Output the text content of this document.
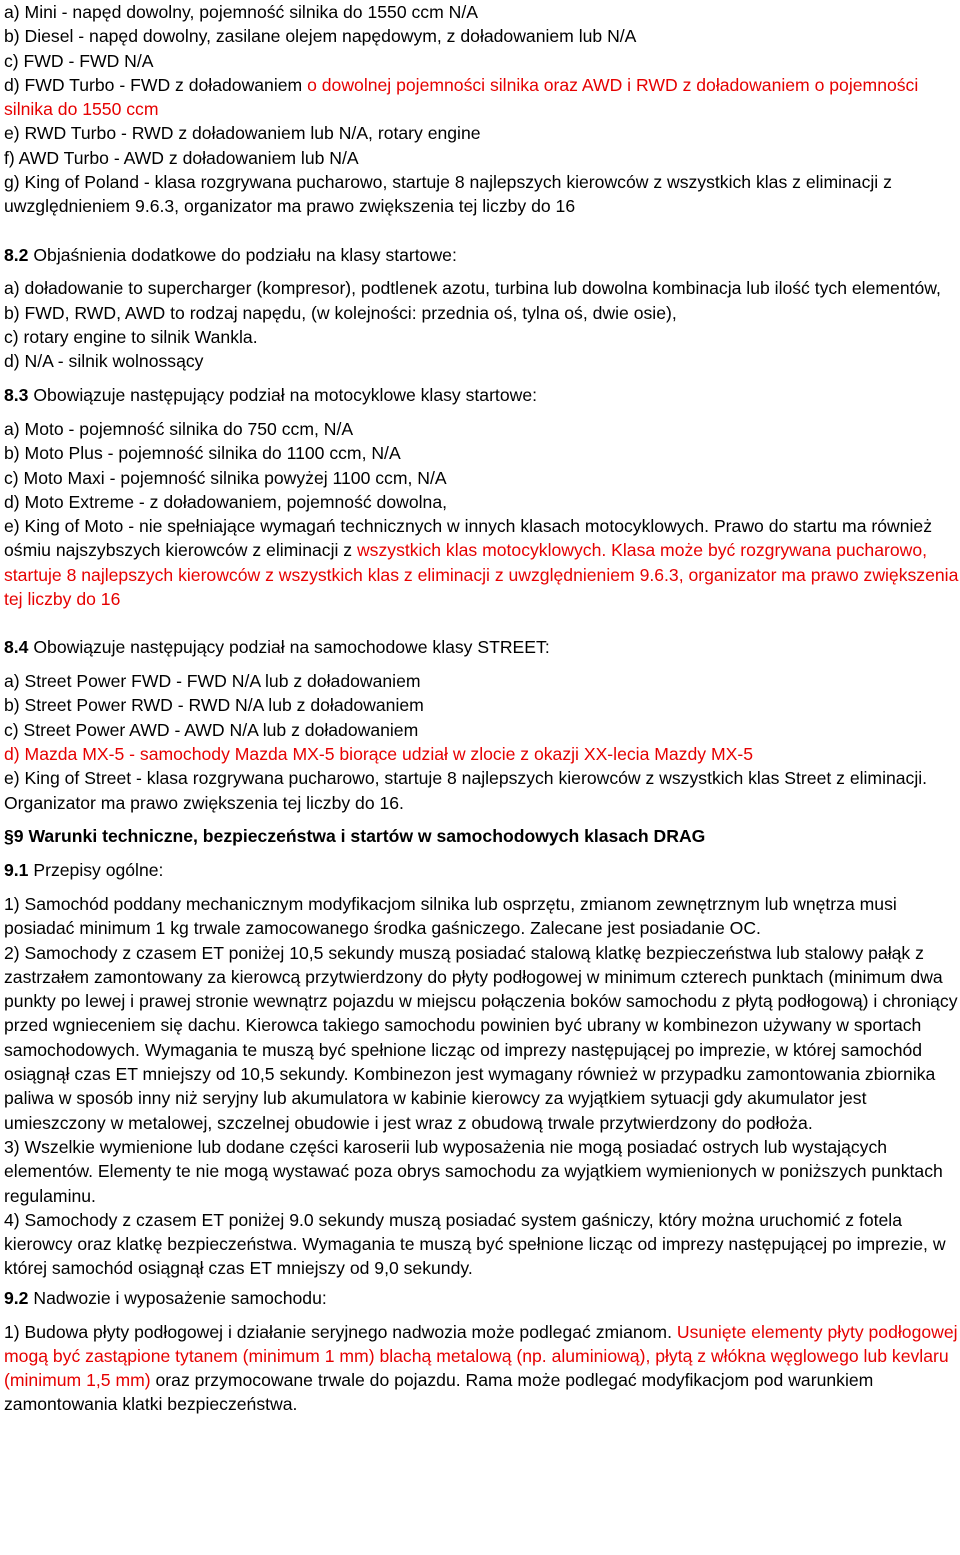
a) Mini - napęd dowolny, pojemność silnika do 1550 ccm N/A

b) Diesel - napęd dowolny, zasilane olejem napędowym, z doładowaniem lub N/A

c) FWD - FWD N/A

d) FWD Turbo - FWD z doładowaniem o dowolnej pojemności silnika oraz AWD i RWD z doładowaniem o pojemności silnika do 1550 ccm

e) RWD Turbo - RWD z doładowaniem lub N/A, rotary engine

f) AWD Turbo - AWD z doładowaniem lub N/A

g) King of Poland - klasa rozgrywana pucharowo, startuje 8 najlepszych kierowców z wszystkich klas z eliminacji z uwzględnieniem 9.6.3, organizator ma prawo zwiększenia tej liczby do 16

8.2 Objaśnienia dodatkowe do podziału na klasy startowe:

a) doładowanie to supercharger (kompresor), podtlenek azotu, turbina lub dowolna kombinacja lub ilość tych elementów,

b) FWD, RWD, AWD to rodzaj napędu, (w kolejności: przednia oś, tylna oś, dwie osie),

c) rotary engine to silnik Wankla.

d) N/A - silnik wolnossący

8.3 Obowiązuje następujący podział na motocyklowe klasy startowe:

a) Moto - pojemność silnika do 750 ccm, N/A

b) Moto Plus - pojemność silnika do 1100 ccm, N/A

c) Moto Maxi - pojemność silnika powyżej 1100 ccm, N/A

d) Moto Extreme - z doładowaniem, pojemność dowolna,

e) King of Moto - nie spełniające wymagań technicznych w innych klasach motocyklowych. Prawo do startu ma również ośmiu najszybszych kierowców z eliminacji z wszystkich klas motocyklowych. Klasa może być rozgrywana pucharowo, startuje 8 najlepszych kierowców z wszystkich klas z eliminacji z uwzględnieniem 9.6.3, organizator ma prawo zwiększenia tej liczby do 16

8.4 Obowiązuje następujący podział na samochodowe klasy STREET:

a) Street Power FWD - FWD N/A lub z doładowaniem

b) Street Power RWD - RWD N/A lub z doładowaniem

c) Street Power AWD - AWD N/A lub z doładowaniem

d) Mazda MX-5 - samochody Mazda MX-5 biorące udział w zlocie z okazji XX-lecia Mazdy MX-5

e) King of Street - klasa rozgrywana pucharowo, startuje 8 najlepszych kierowców z wszystkich klas Street z eliminacji. Organizator ma prawo zwiększenia tej liczby do 16.

§9 Warunki techniczne, bezpieczeństwa i startów w samochodowych klasach DRAG

9.1 Przepisy ogólne:

1) Samochód poddany mechanicznym modyfikacjom silnika lub osprzętu, zmianom zewnętrznym lub wnętrza musi posiadać minimum 1 kg trwale zamocowanego środka gaśniczego. Zalecane jest posiadanie OC.

2) Samochody z czasem ET poniżej 10,5 sekundy muszą posiadać stalową klatkę bezpieczeństwa lub stalowy pałąk z zastrzałem zamontowany za kierowcą przytwierdzony do płyty podłogowej w minimum czterech punktach (minimum dwa punkty po lewej i prawej stronie wewnątrz pojazdu w miejscu połączenia boków samochodu z płytą podłogową) i chroniący przed wgnieceniem się dachu. Kierowca takiego samochodu powinien być ubrany w kombinezon używany w sportach samochodowych. Wymagania te muszą być spełnione licząc od imprezy następującej po imprezie, w której samochód osiągnął czas ET mniejszy od 10,5 sekundy. Kombinezon jest wymagany również w przypadku zamontowania zbiornika paliwa w sposób inny niż seryjny lub akumulatora w kabinie kierowcy za wyjątkiem sytuacji gdy akumulator jest umieszczony w metalowej, szczelnej obudowie i jest wraz z obudową trwale przytwierdzony do podłoża.

3) Wszelkie wymienione lub dodane części karoserii lub wyposażenia nie mogą posiadać ostrych lub wystających elementów. Elementy te nie mogą wystawać poza obrys samochodu za wyjątkiem wymienionych w poniższych punktach regulaminu.

4) Samochody z czasem ET poniżej 9.0 sekundy muszą posiadać system gaśniczy, który można uruchomić z fotela kierowcy oraz klatkę bezpieczeństwa. Wymagania te muszą być spełnione licząc od imprezy następującej po imprezie, w której samochód osiągnął czas ET mniejszy od 9,0 sekundy.

9.2 Nadwozie i wyposażenie samochodu:

1) Budowa płyty podłogowej i działanie seryjnego nadwozia może podlegać zmianom. Usunięte elementy płyty podłogowej mogą być zastąpione tytanem (minimum 1 mm) blachą metalową (np. aluminiową), płytą z włókna węglowego lub kevlaru (minimum 1,5 mm) oraz przymocowane trwale do pojazdu. Rama może podlegać modyfikacjom pod warunkiem zamontowania klatki bezpieczeństwa.
